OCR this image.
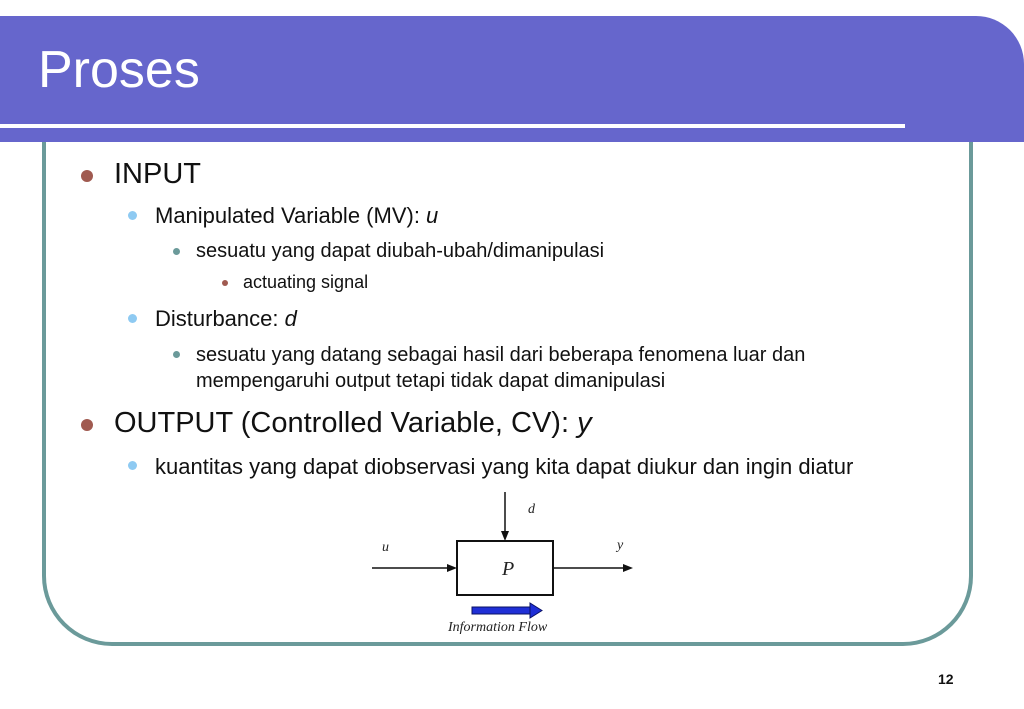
Proses
INPUT
Manipulated Variable (MV): u
sesuatu yang dapat diubah-ubah/dimanipulasi
actuating signal
Disturbance: d
sesuatu yang datang sebagai hasil dari beberapa fenomena luar dan mempengaruhi output tetapi tidak dapat dimanipulasi
OUTPUT (Controlled Variable, CV): y
kuantitas yang dapat diobservasi yang kita dapat diukur dan ingin diatur
u
d
y
P
Information Flow
12
